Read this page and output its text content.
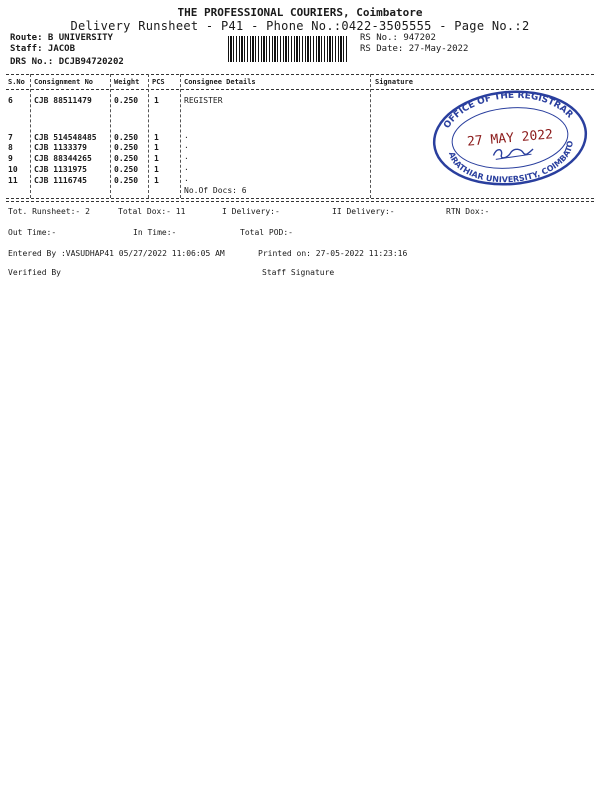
THE PROFESSIONAL COURIERS, Coimbatore
Delivery Runsheet - P41 - Phone No.:0422-3505555 - Page No.:2
Route: B UNIVERSITY
Staff: JACOB
DRS No.: DCJB94720202
RS No.: 947202
RS Date: 27-May-2022
S.No Consignment No	Weight PCS	Consignee Details	Signature
6	CJB 88511479	0.250 1	REGISTER
7	CJB 514548485 0.250 1	.
8	CJB 1133379	0.250 1	.
9	CJB 88344265	0.250 1	.
10 CJB 1131975	0.250 1	.
11 CJB 1116745	0.250 1	.
No.Of Docs: 6
OFFICE OF THE REGISTRAR
BHARATHIAR UNIVERSITY, COIMBATORE
27 MAY 2022
Tot. Runsheet:- 2	Total Dox:- 11	I Delivery:-	II Delivery:-	RTN Dox:-
Out Time:-	In Time:-	Total POD:-
Entered By :VASUDHAP41 05/27/2022 11:06:05 AM	Printed on: 27-05-2022 11:23:16
Verified By	Staff Signature
